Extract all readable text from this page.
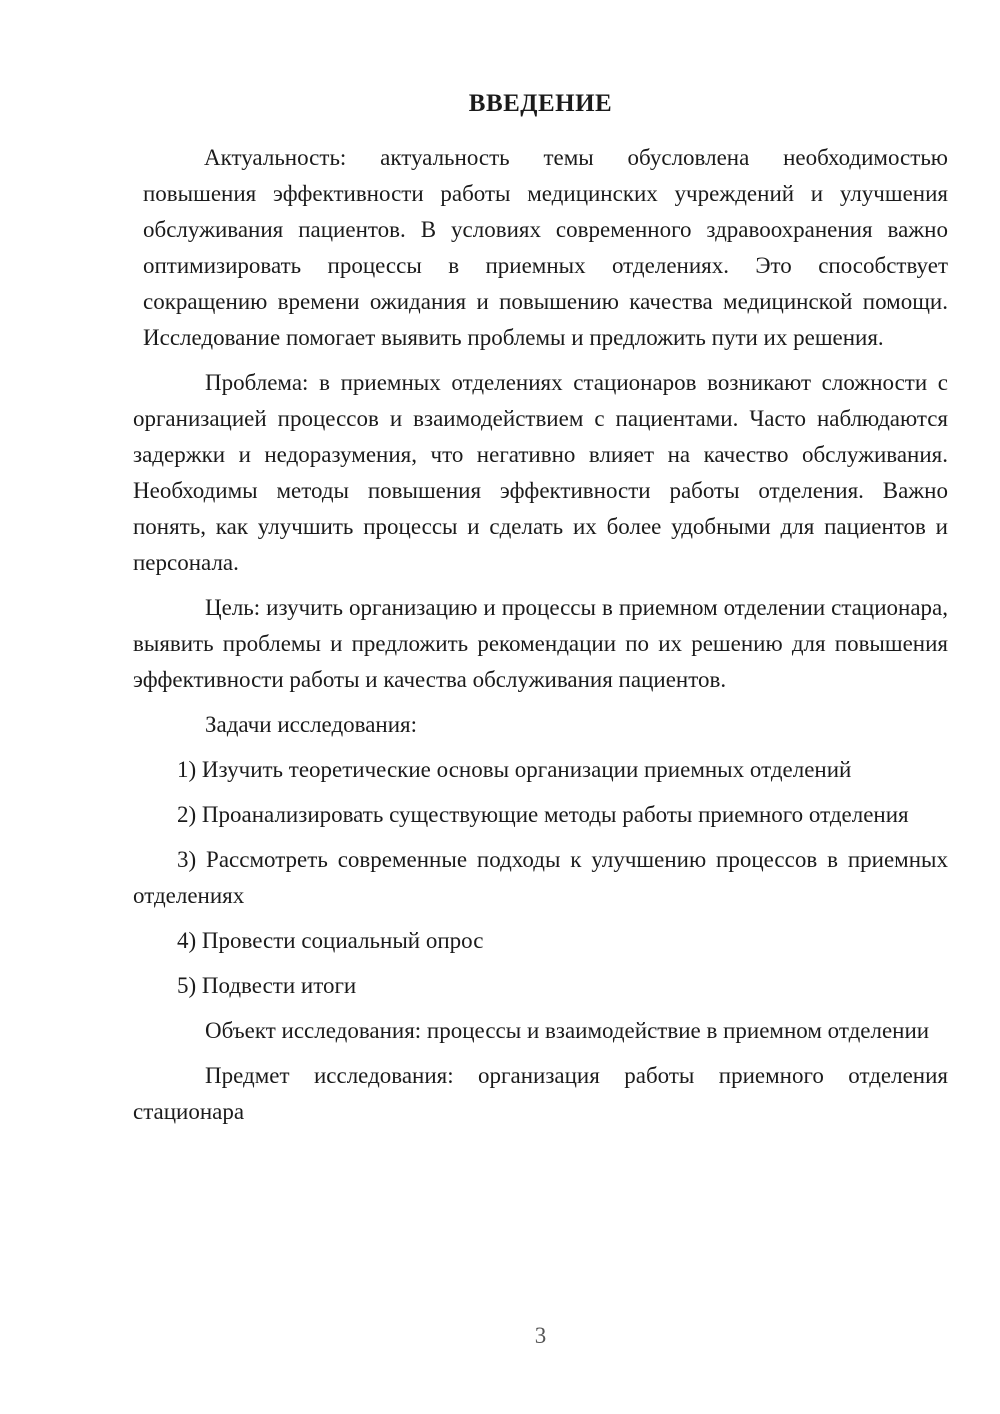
ВВЕДЕНИЕ

Актуальность: актуальность темы обусловлена необходимостью повышения эффективности работы медицинских учреждений и улучшения обслуживания пациентов. В условиях современного здравоохранения важно оптимизировать процессы в приемных отделениях. Это способствует сокращению времени ожидания и повышению качества медицинской помощи. Исследование помогает выявить проблемы и предложить пути их решения.

Проблема: в приемных отделениях стационаров возникают сложности с организацией процессов и взаимодействием с пациентами. Часто наблюдаются задержки и недоразумения, что негативно влияет на качество обслуживания. Необходимы методы повышения эффективности работы отделения. Важно понять, как улучшить процессы и сделать их более удобными для пациентов и персонала.

Цель: изучить организацию и процессы в приемном отделении стационара, выявить проблемы и предложить рекомендации по их решению для повышения эффективности работы и качества обслуживания пациентов.

Задачи исследования:

1) Изучить теоретические основы организации приемных отделений

2) Проанализировать существующие методы работы приемного отделения

3) Рассмотреть современные подходы к улучшению процессов в приемных отделениях

4) Провести социальный опрос

5) Подвести итоги

Объект исследования: процессы и взаимодействие в приемном отделении

Предмет исследования: организация работы приемного отделения стационара

3
